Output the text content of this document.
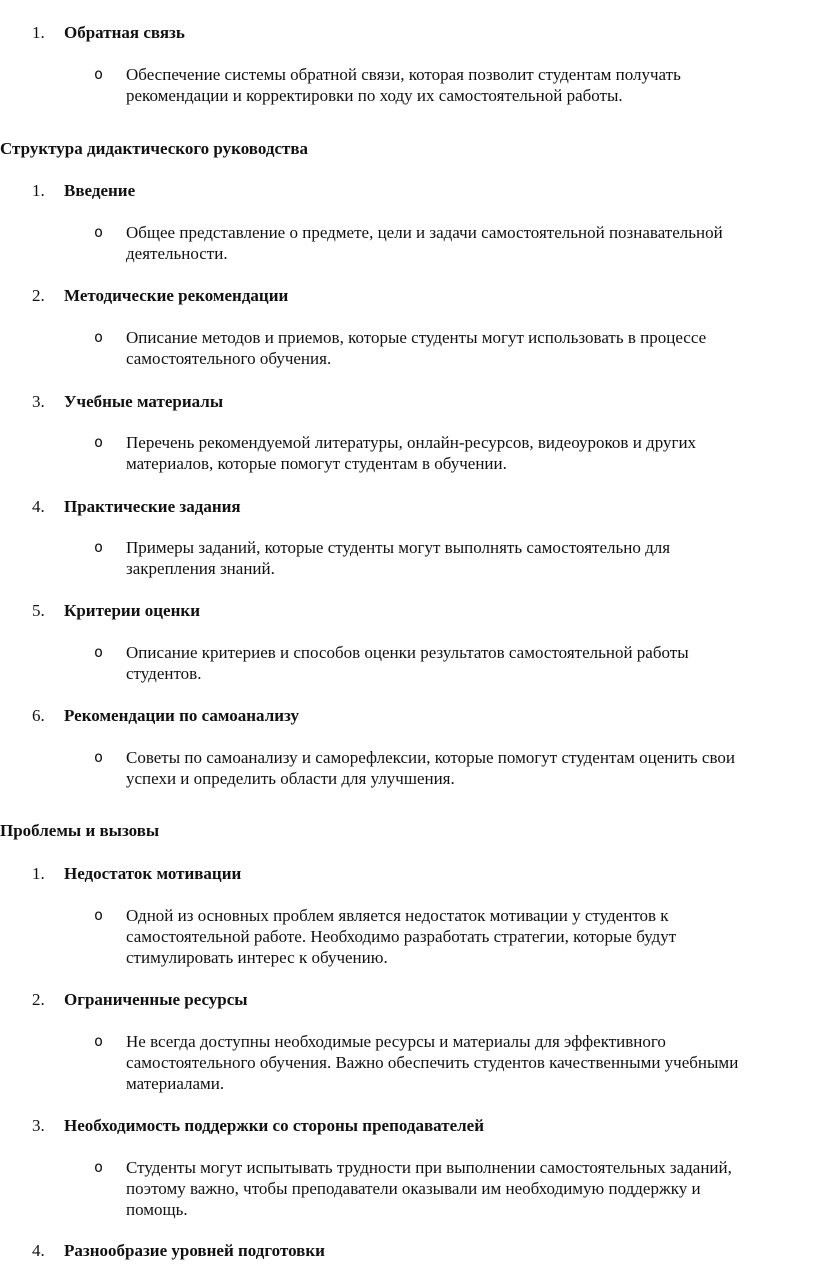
1. Обратная связь
o Обеспечение системы обратной связи, которая позволит студентам получать
рекомендации и корректировки по ходу их самостоятельной работы.
Структура дидактического руководства
1. Введение
o Общее представление о предмете, цели и задачи самостоятельной познавательной
деятельности.
2. Методические рекомендации
o Описание методов и приемов, которые студенты могут использовать в процессе
самостоятельного обучения.
3. Учебные материалы
o Перечень рекомендуемой литературы, онлайн-ресурсов, видеоуроков и других
материалов, которые помогут студентам в обучении.
4. Практические задания
o Примеры заданий, которые студенты могут выполнять самостоятельно для
закрепления знаний.
5. Критерии оценки
o Описание критериев и способов оценки результатов самостоятельной работы
студентов.
6. Рекомендации по самоанализу
o Советы по самоанализу и саморефлексии, которые помогут студентам оценить свои
успехи и определить области для улучшения.
Проблемы и вызовы
1. Недостаток мотивации
o Одной из основных проблем является недостаток мотивации у студентов к
самостоятельной работе. Необходимо разработать стратегии, которые будут
стимулировать интерес к обучению.
2. Ограниченные ресурсы
o Не всегда доступны необходимые ресурсы и материалы для эффективного
самостоятельного обучения. Важно обеспечить студентов качественными учебными
материалами.
3. Необходимость поддержки со стороны преподавателей
o Студенты могут испытывать трудности при выполнении самостоятельных заданий,
поэтому важно, чтобы преподаватели оказывали им необходимую поддержку и
помощь.
4. Разнообразие уровней подготовки
